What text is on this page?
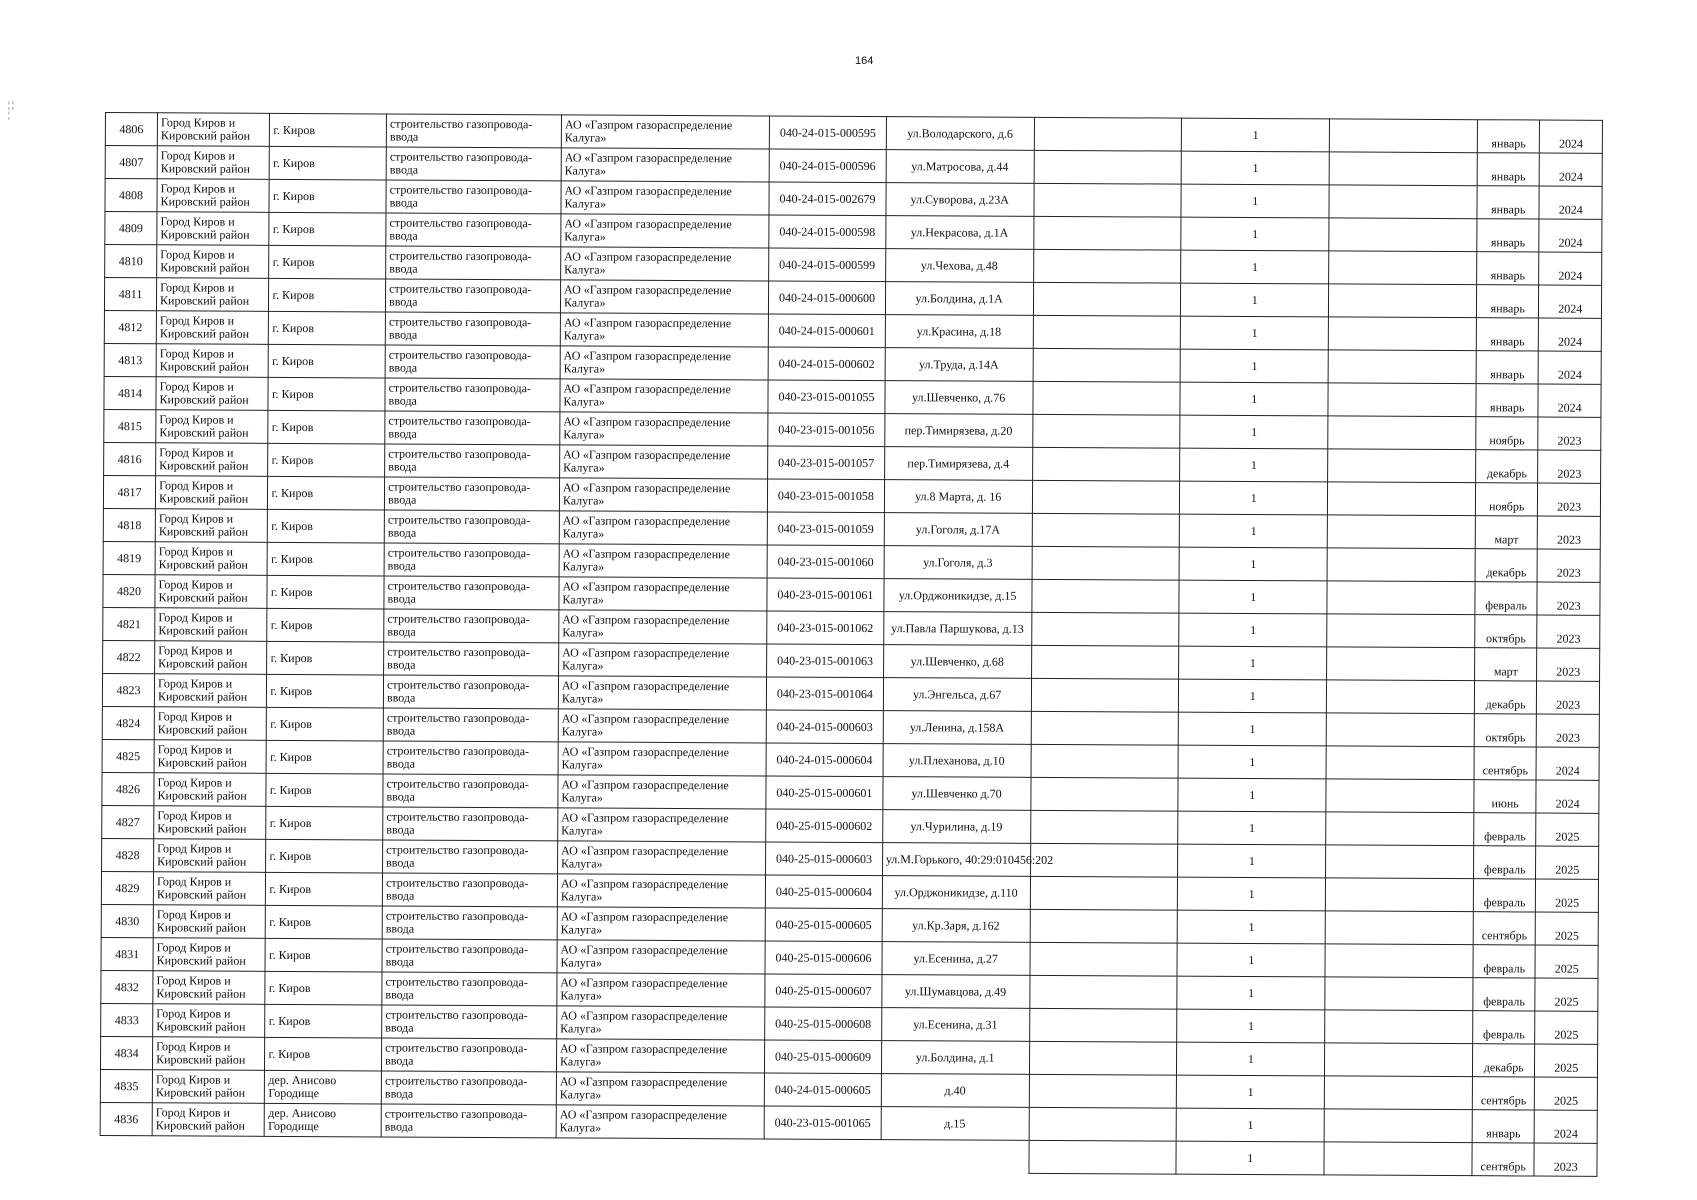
164
¦ ¦ ¦
4806	Город Киров и
Кировский район	г. Киров	строительство газопровода-
ввода	АО «Газпром газораспределение
Калуга»	040-24-015-000595	ул.Володарского, д.6		1		январь	2024
4807	Город Киров и
Кировский район	г. Киров	строительство газопровода-
ввода	АО «Газпром газораспределение
Калуга»	040-24-015-000596	ул.Матросова, д.44		1		январь	2024
4808	Город Киров и
Кировский район	г. Киров	строительство газопровода-
ввода	АО «Газпром газораспределение
Калуга»	040-24-015-002679	ул.Суворова, д.23А		1		январь	2024
4809	Город Киров и
Кировский район	г. Киров	строительство газопровода-
ввода	АО «Газпром газораспределение
Калуга»	040-24-015-000598	ул.Некрасова, д.1А		1		январь	2024
4810	Город Киров и
Кировский район	г. Киров	строительство газопровода-
ввода	АО «Газпром газораспределение
Калуга»	040-24-015-000599	ул.Чехова, д.48		1		январь	2024
4811	Город Киров и
Кировский район	г. Киров	строительство газопровода-
ввода	АО «Газпром газораспределение
Калуга»	040-24-015-000600	ул.Болдина, д.1А		1		январь	2024
4812	Город Киров и
Кировский район	г. Киров	строительство газопровода-
ввода	АО «Газпром газораспределение
Калуга»	040-24-015-000601	ул.Красина, д.18		1		январь	2024
4813	Город Киров и
Кировский район	г. Киров	строительство газопровода-
ввода	АО «Газпром газораспределение
Калуга»	040-24-015-000602	ул.Труда, д.14А		1		январь	2024
4814	Город Киров и
Кировский район	г. Киров	строительство газопровода-
ввода	АО «Газпром газораспределение
Калуга»	040-23-015-001055	ул.Шевченко, д.76		1		январь	2024
4815	Город Киров и
Кировский район	г. Киров	строительство газопровода-
ввода	АО «Газпром газораспределение
Калуга»	040-23-015-001056	пер.Тимирязева, д.20		1		ноябрь	2023
4816	Город Киров и
Кировский район	г. Киров	строительство газопровода-
ввода	АО «Газпром газораспределение
Калуга»	040-23-015-001057	пер.Тимирязева, д.4		1		декабрь	2023
4817	Город Киров и
Кировский район	г. Киров	строительство газопровода-
ввода	АО «Газпром газораспределение
Калуга»	040-23-015-001058	ул.8 Марта, д. 16		1		ноябрь	2023
4818	Город Киров и
Кировский район	г. Киров	строительство газопровода-
ввода	АО «Газпром газораспределение
Калуга»	040-23-015-001059	ул.Гоголя, д.17А		1		март	2023
4819	Город Киров и
Кировский район	г. Киров	строительство газопровода-
ввода	АО «Газпром газораспределение
Калуга»	040-23-015-001060	ул.Гоголя, д.3		1		декабрь	2023
4820	Город Киров и
Кировский район	г. Киров	строительство газопровода-
ввода	АО «Газпром газораспределение
Калуга»	040-23-015-001061	ул.Орджоникидзе, д.15		1		февраль	2023
4821	Город Киров и
Кировский район	г. Киров	строительство газопровода-
ввода	АО «Газпром газораспределение
Калуга»	040-23-015-001062	ул.Павла Паршукова, д.13		1		октябрь	2023
4822	Город Киров и
Кировский район	г. Киров	строительство газопровода-
ввода	АО «Газпром газораспределение
Калуга»	040-23-015-001063	ул.Шевченко, д.68		1		март	2023
4823	Город Киров и
Кировский район	г. Киров	строительство газопровода-
ввода	АО «Газпром газораспределение
Калуга»	040-23-015-001064	ул.Энгельса, д.67		1		декабрь	2023
4824	Город Киров и
Кировский район	г. Киров	строительство газопровода-
ввода	АО «Газпром газораспределение
Калуга»	040-24-015-000603	ул.Ленина, д.158А		1		октябрь	2023
4825	Город Киров и
Кировский район	г. Киров	строительство газопровода-
ввода	АО «Газпром газораспределение
Калуга»	040-24-015-000604	ул.Плеханова, д.10		1		сентябрь	2024
4826	Город Киров и
Кировский район	г. Киров	строительство газопровода-
ввода	АО «Газпром газораспределение
Калуга»	040-25-015-000601	ул.Шевченко д.70		1		июнь	2024
4827	Город Киров и
Кировский район	г. Киров	строительство газопровода-
ввода	АО «Газпром газораспределение
Калуга»	040-25-015-000602	ул.Чурилина, д.19		1		февраль	2025
4828	Город Киров и
Кировский район	г. Киров	строительство газопровода-
ввода	АО «Газпром газораспределение
Калуга»	040-25-015-000603	ул.М.Горького, 40:29:010456:202		1		февраль	2025
4829	Город Киров и
Кировский район	г. Киров	строительство газопровода-
ввода	АО «Газпром газораспределение
Калуга»	040-25-015-000604	ул.Орджоникидзе, д.110		1		февраль	2025
4830	Город Киров и
Кировский район	г. Киров	строительство газопровода-
ввода	АО «Газпром газораспределение
Калуга»	040-25-015-000605	ул.Кр.Заря, д.162		1		сентябрь	2025
4831	Город Киров и
Кировский район	г. Киров	строительство газопровода-
ввода	АО «Газпром газораспределение
Калуга»	040-25-015-000606	ул.Есенина, д.27		1		февраль	2025
4832	Город Киров и
Кировский район	г. Киров	строительство газопровода-
ввода	АО «Газпром газораспределение
Калуга»	040-25-015-000607	ул.Шумавцова, д.49		1		февраль	2025
4833	Город Киров и
Кировский район	г. Киров	строительство газопровода-
ввода	АО «Газпром газораспределение
Калуга»	040-25-015-000608	ул.Есенина, д.31		1		февраль	2025
4834	Город Киров и
Кировский район	г. Киров	строительство газопровода-
ввода	АО «Газпром газораспределение
Калуга»	040-25-015-000609	ул.Болдина, д.1		1		декабрь	2025
4835	Город Киров и
Кировский район	дер. Анисово
Городище	строительство газопровода-
ввода	АО «Газпром газораспределение
Калуга»	040-24-015-000605	д.40		1		сентябрь	2025
4836	Город Киров и
Кировский район	дер. Анисово
Городище	строительство газопровода-
ввода	АО «Газпром газораспределение
Калуга»	040-23-015-001065	д.15		1		январь	2024
								1		сентябрь	2023
